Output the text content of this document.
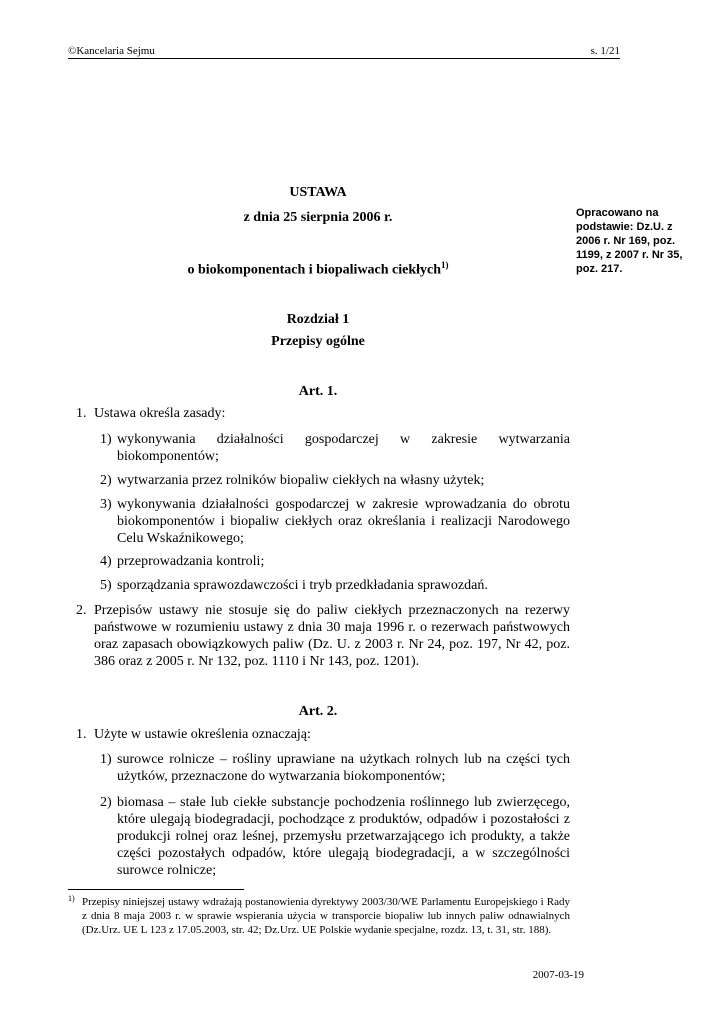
©Kancelaria Sejmu	s. 1/21
USTAWA
z dnia 25 sierpnia 2006 r.
o biokomponentach i biopaliwach ciekłych$^{1)}$
Opracowano na podstawie: Dz.U. z 2006 r. Nr 169, poz. 1199, z 2007 r. Nr 35, poz. 217.
Rozdział 1
Przepisy ogólne
Art. 1.
1. Ustawa określa zasady:
1) wykonywania działalności gospodarczej w zakresie wytwarzania biokomponentów;
2) wytwarzania przez rolników biopaliw ciekłych na własny użytek;
3) wykonywania działalności gospodarczej w zakresie wprowadzania do obrotu biokomponentów i biopaliw ciekłych oraz określania i realizacji Narodowego Celu Wskaźnikowego;
4) przeprowadzania kontroli;
5) sporządzania sprawozdawczości i tryb przedkładania sprawozdań.
2. Przepisów ustawy nie stosuje się do paliw ciekłych przeznaczonych na rezerwy państwowe w rozumieniu ustawy z dnia 30 maja 1996 r. o rezerwach państwowych oraz zapasach obowiązkowych paliw (Dz. U. z 2003 r. Nr 24, poz. 197, Nr 42, poz. 386 oraz z 2005 r. Nr 132, poz. 1110 i Nr 143, poz. 1201).
Art. 2.
1. Użyte w ustawie określenia oznaczają:
1) surowce rolnicze – rośliny uprawiane na użytkach rolnych lub na części tych użytków, przeznaczone do wytwarzania biokomponentów;
2) biomasa – stałe lub ciekłe substancje pochodzenia roślinnego lub zwierzęcego, które ulegają biodegradacji, pochodzące z produktów, odpadów i pozostałości z produkcji rolnej oraz leśnej, przemysłu przetwarzającego ich produkty, a także części pozostałych odpadów, które ulegają biodegradacji, a w szczególności surowce rolnicze;
1) Przepisy niniejszej ustawy wdrażają postanowienia dyrektywy 2003/30/WE Parlamentu Europejskiego i Rady z dnia 8 maja 2003 r. w sprawie wspierania użycia w transporcie biopaliw lub innych paliw odnawialnych (Dz.Urz. UE L 123 z 17.05.2003, str. 42; Dz.Urz. UE Polskie wydanie specjalne, rozdz. 13, t. 31, str. 188).
2007-03-19
